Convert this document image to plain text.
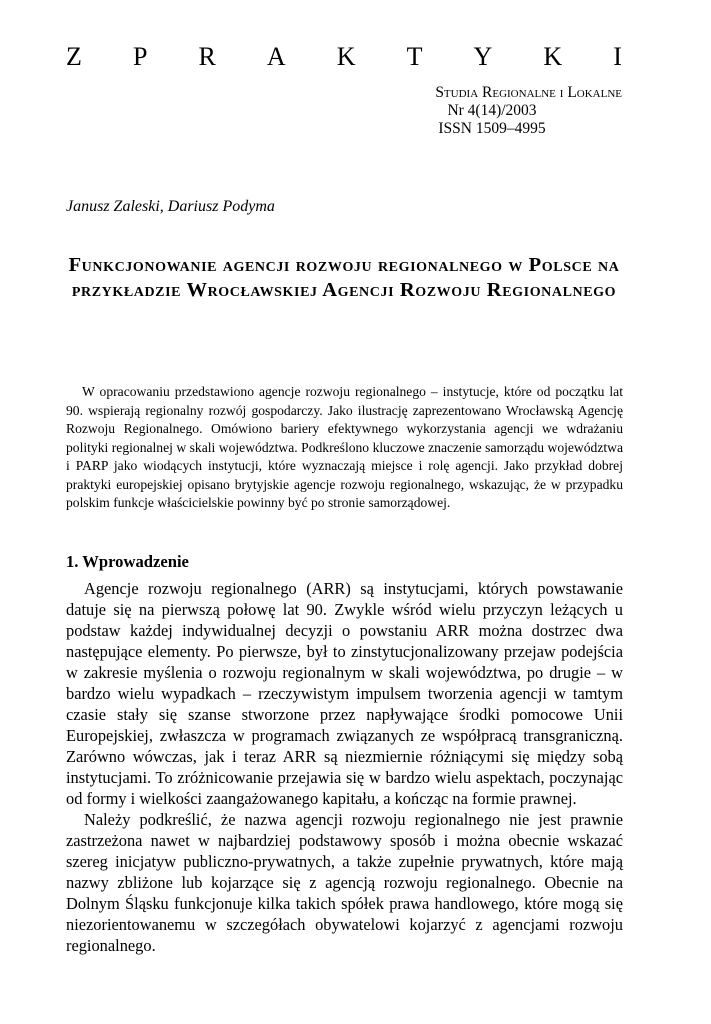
Z P R A K T Y K I
Studia Regionalne i Lokalne
Nr 4(14)/2003
ISSN 1509–4995
Janusz Zaleski, Dariusz Podyma
Funkcjonowanie agencji rozwoju regionalnego w Polsce na przykładzie Wrocławskiej Agencji Rozwoju Regionalnego

W opracowaniu przedstawiono agencje rozwoju regionalnego – instytucje, które od początku lat 90. wspierają regionalny rozwój gospodarczy. Jako ilustrację zaprezentowano Wrocławską Agencję Rozwoju Regionalnego. Omówiono bariery efektywnego wykorzystania agencji we wdrażaniu polityki regionalnej w skali województwa. Podkreślono kluczowe znaczenie samorządu województwa i PARP jako wiodących instytucji, które wyznaczają miejsce i rolę agencji. Jako przykład dobrej praktyki europejskiej opisano brytyjskie agencje rozwoju regionalnego, wskazując, że w przypadku polskim funkcje właścicielskie powinny być po stronie samorządowej.

1. Wprowadzenie

Agencje rozwoju regionalnego (ARR) są instytucjami, których powstawanie datuje się na pierwszą połowę lat 90. Zwykle wśród wielu przyczyn leżących u podstaw każdej indywidualnej decyzji o powstaniu ARR można dostrzec dwa następujące elementy. Po pierwsze, był to zinstytucjonalizowany przejaw podejścia w zakresie myślenia o rozwoju regionalnym w skali województwa, po drugie – w bardzo wielu wypadkach – rzeczywistym impulsem tworzenia agencji w tamtym czasie stały się szanse stworzone przez napływające środki pomocowe Unii Europejskiej, zwłaszcza w programach związanych ze współpracą transgraniczną. Zarówno wówczas, jak i teraz ARR są niezmiernie różniącymi się między sobą instytucjami. To zróżnicowanie przejawia się w bardzo wielu aspektach, poczynając od formy i wielkości zaangażowanego kapitału, a kończąc na formie prawnej.

Należy podkreślić, że nazwa agencji rozwoju regionalnego nie jest prawnie zastrzeżona nawet w najbardziej podstawowy sposób i można obecnie wskazać szereg inicjatyw publiczno-prywatnych, a także zupełnie prywatnych, które mają nazwy zbliżone lub kojarzące się z agencją rozwoju regionalnego. Obecnie na Dolnym Śląsku funkcjonuje kilka takich spółek prawa handlowego, które mogą się niezorientowanemu w szczegółach obywatelowi kojarzyć z agencjami rozwoju regionalnego.
